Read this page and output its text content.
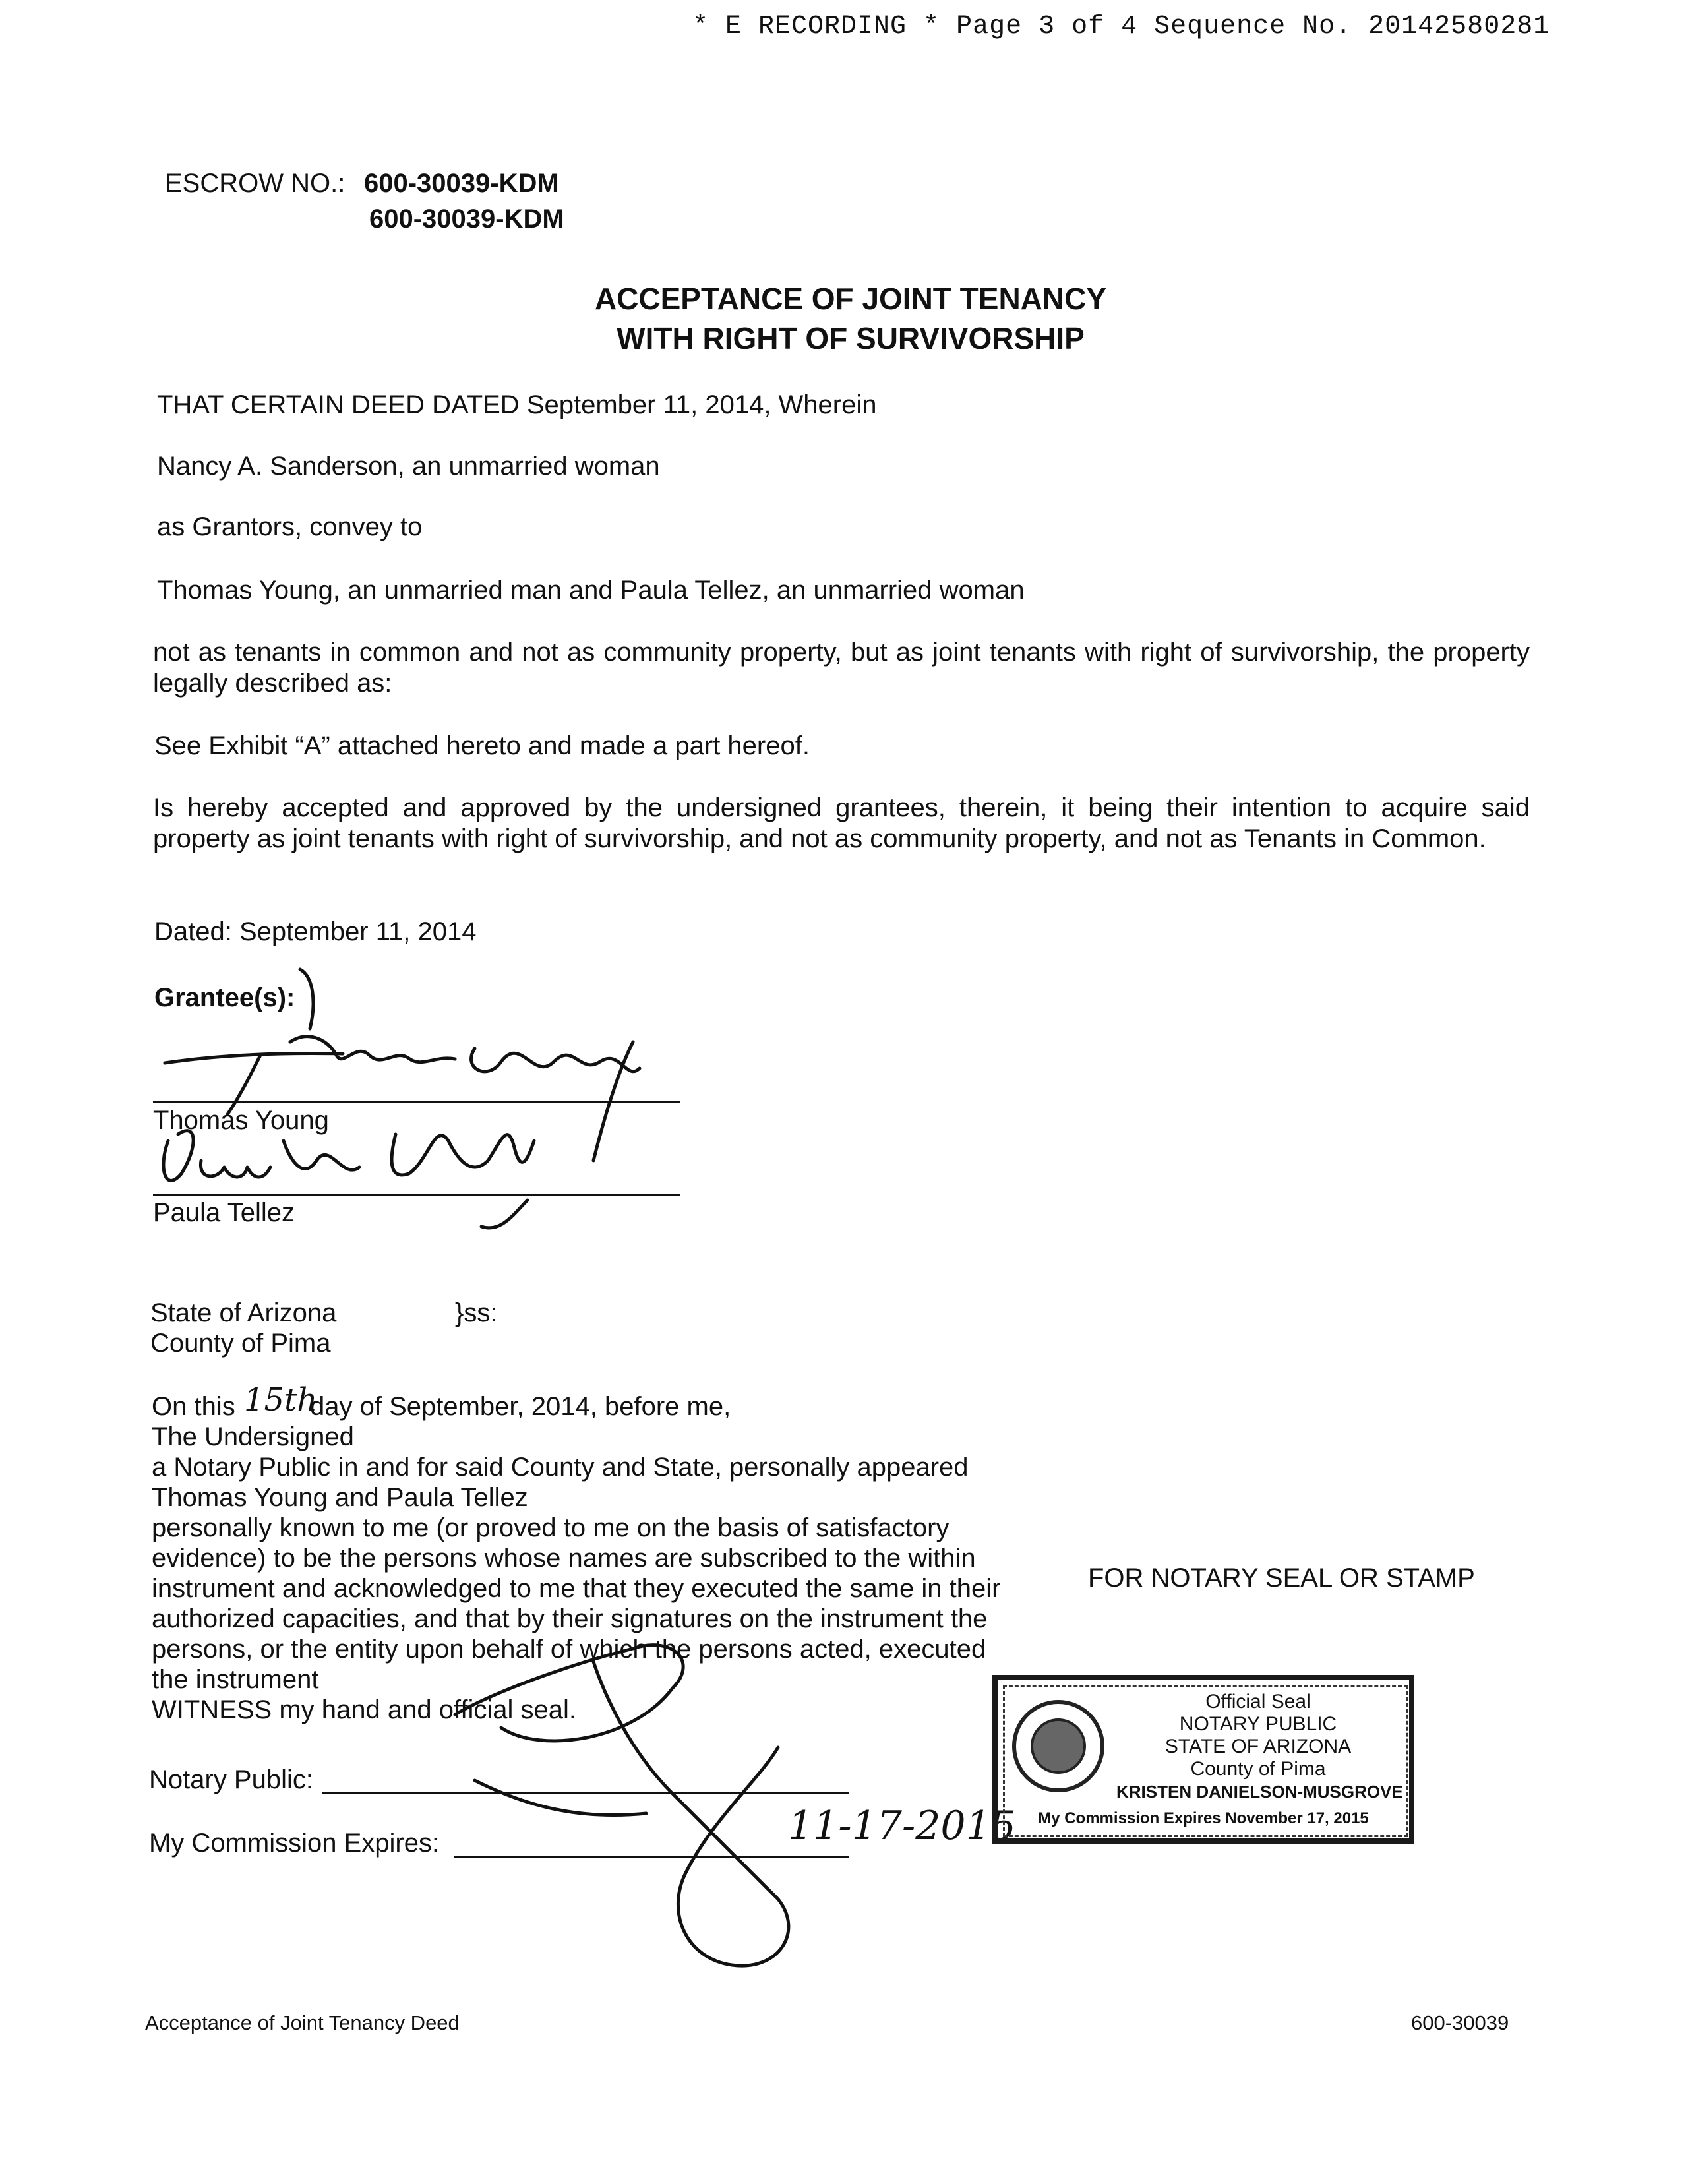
* E RECORDING * Page 3 of 4 Sequence No. 20142580281
ESCROW NO.: 600-30039-KDM
600-30039-KDM
ACCEPTANCE OF JOINT TENANCY
WITH RIGHT OF SURVIVORSHIP
THAT CERTAIN DEED DATED September 11, 2014, Wherein
Nancy A. Sanderson, an unmarried woman
as Grantors, convey to
Thomas Young, an unmarried man and Paula Tellez, an unmarried woman
not as tenants in common and not as community property, but as joint tenants with right of survivorship, the property legally described as:
See Exhibit “A” attached hereto and made a part hereof.
Is hereby accepted and approved by the undersigned grantees, therein, it being their intention to acquire said property as joint tenants with right of survivorship, and not as community property, and not as Tenants in Common.
Dated: September 11, 2014
Grantee(s):
Thomas Young
Paula Tellez
State of Arizona	}ss:
County of Pima
On this 15th
day of September, 2014, before me,
The Undersigned
a Notary Public in and for said County and State, personally appeared
Thomas Young and Paula Tellez
personally known to me (or proved to me on the basis of satisfactory
evidence) to be the persons whose names are subscribed to the within
instrument and acknowledged to me that they executed the same in their
authorized capacities, and that by their signatures on the instrument the
persons, or the entity upon behalf of which the persons acted, executed
the instrument
WITNESS my hand and official seal.
FOR NOTARY SEAL OR STAMP
Notary Public:
My Commission Expires:	11-17-2015
Official Seal
NOTARY PUBLIC
STATE OF ARIZONA
County of Pima
KRISTEN DANIELSON-MUSGROVE
My Commission Expires November 17, 2015
Acceptance of Joint Tenancy Deed	600-30039
